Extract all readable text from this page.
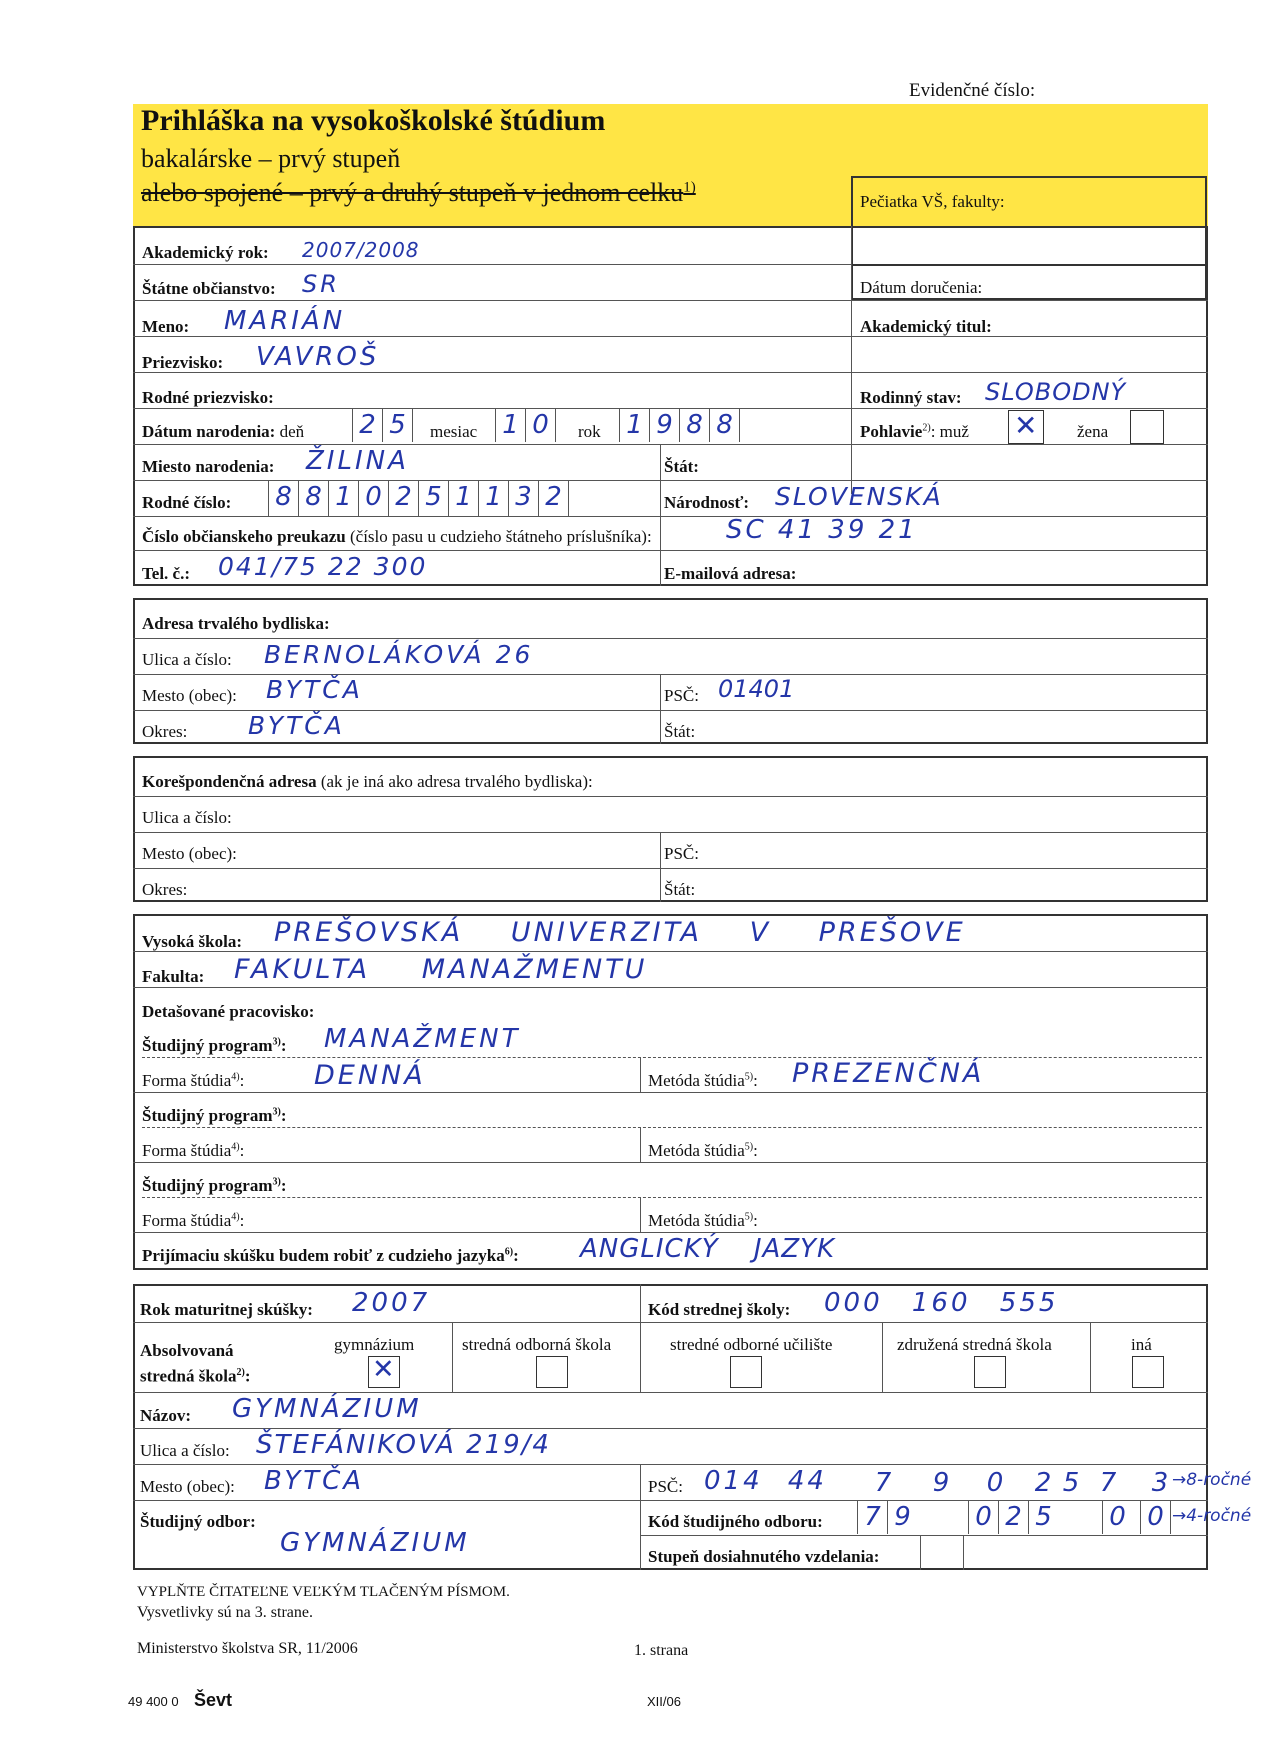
Evidenčné číslo:
Prihláška na vysokoškolské štúdium
bakalárske – prvý stupeň
alebo spojené – prvý a druhý stupeň v jednom celku$^{1)}$
Pečiatka VŠ, fakulty:
Dátum doručenia:
Akademický rok: 2007/2008
Štátne občianstvo: SR
Meno: MARIÁN	Akademický titul:
Priezvisko: VAVROŠ
Rodné priezvisko:	Rodinný stav: SLOBODNÝ
Dátum narodenia: deň 2 5	mesiac 1 0	rok 1 9 8 8	Pohlavie$^{2)}$: muž ✕ žena
Miesto narodenia: ŽILINA	Štát:
Rodné číslo: 8 8 1 0 2 5 1 1 3 2	Národnosť: SLOVENSKÁ
Číslo občianskeho preukazu (číslo pasu u cudzieho štátneho príslušníka):	SC 41 39 21
Tel. č.: 041/75 22 300	E-mailová adresa:
Adresa trvalého bydliska:
Ulica a číslo: BERNOLÁKOVÁ 26
Mesto (obec): BYTČA	PSČ: 01401
Okres: BYTČA	Štát:
Korešpondenčná adresa (ak je iná ako adresa trvalého bydliska):
Ulica a číslo:
Mesto (obec):	PSČ:
Okres:	Štát:
Vysoká škola: PREŠOVSKÁ UNIVERZITA V PREŠOVE
Fakulta: FAKULTA MANAŽMENTU
Detašované pracovisko:
Študijný program$^{3)}$: MANAŽMENT
Forma štúdia$^{4)}$:	DENNÁ	Metóda štúdia$^{5)}$: PREZENČNÁ
Študijný program$^{3)}$:
Forma štúdia$^{4)}$:	Metóda štúdia$^{5)}$:
Študijný program$^{3)}$:
Forma štúdia$^{4)}$:	Metóda štúdia$^{5)}$:
Prijímaciu skúšku budem robiť z cudzieho jazyka$^{6)}$: ANGLICKÝ JAZYK
Rok maturitnej skúšky: 2007	Kód strednej školy: 000 160 555
Absolvovaná
stredná škola$^{2)}$:
gymnázium
✕
stredná odborná škola	stredné odborné učilište	združená stredná škola	iná
Názov: GYMNÁZIUM
Ulica a číslo: ŠTEFÁNIKOVÁ 219/4
Mesto (obec): BYTČA	PSČ: 014 44 7 9 0 2 5 7 3 →8-ročné
Študijný odbor:
GYMNÁZIUM
Kód študijného odboru: 7 9 0 2 5 0 0 →4-ročné
Stupeň dosiahnutého vzdelania:
VYPLŇTE ČITATEĽNE VEĽKÝM TLAČENÝM PÍSMOM.
Vysvetlivky sú na 3. strane.
Ministerstvo školstva SR, 11/2006	1. strana
49 400 0 Ševt	XII/06
